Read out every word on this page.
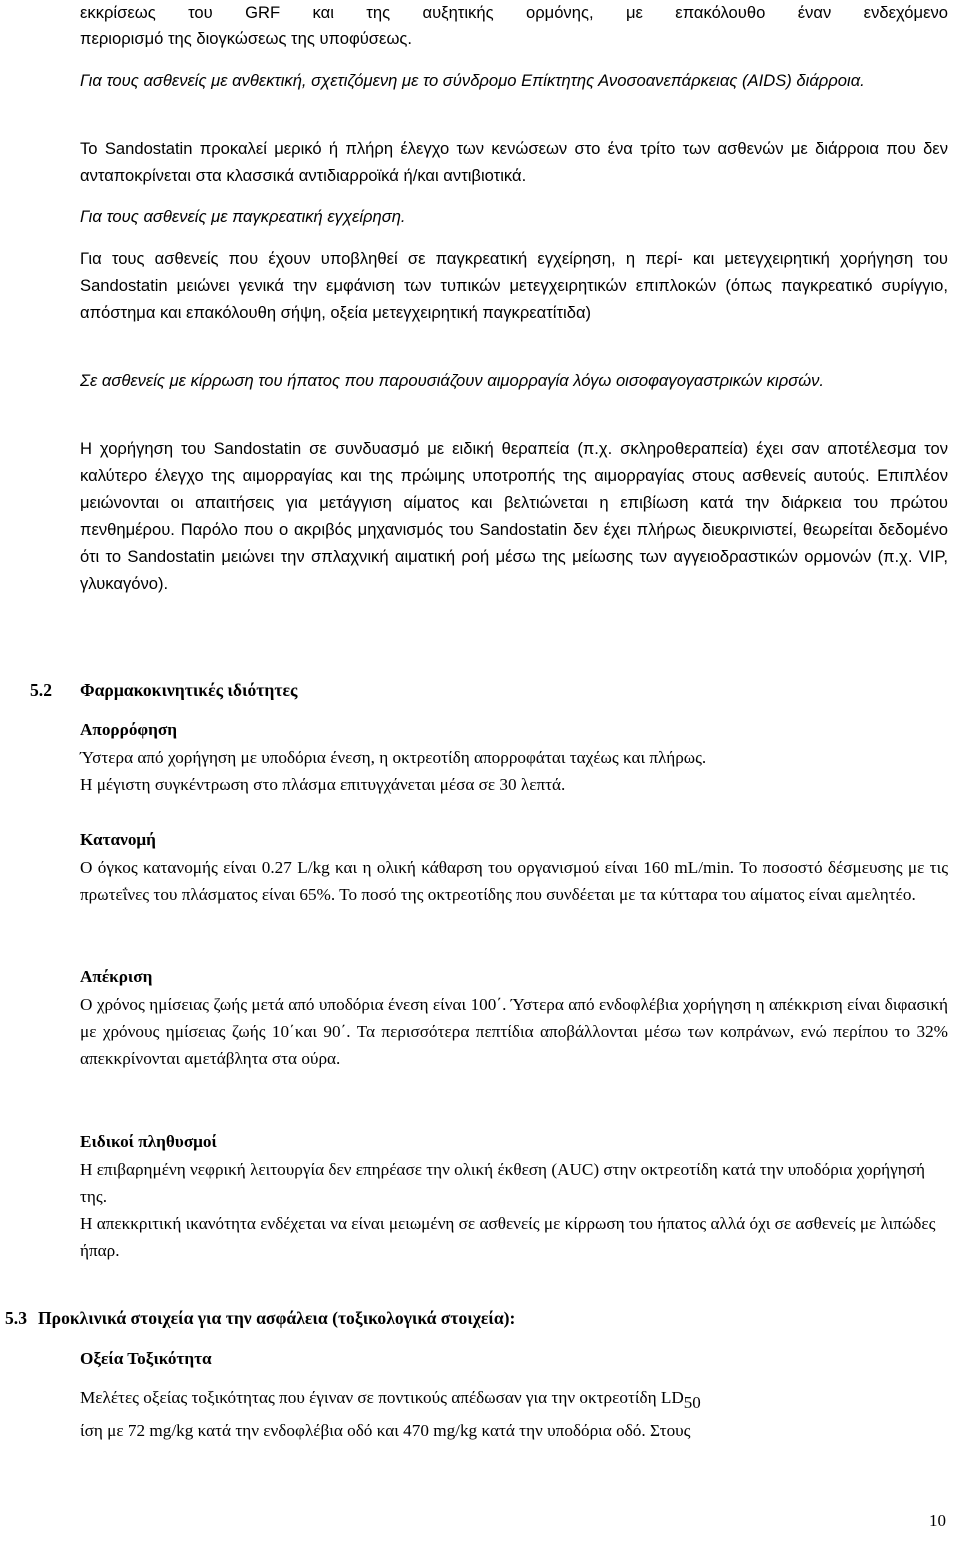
εκκρίσεως του GRF και της αυξητικής ορμόνης, με επακόλουθο έναν ενδεχόμενο
περιορισμό της διογκώσεως της υποφύσεως.
Για τους ασθενείς με ανθεκτική, σχετιζόμενη με το σύνδρομο Επίκτητης Ανοσοανεπάρκειας (AIDS) διάρροια.
Το Sandostatin προκαλεί μερικό ή πλήρη έλεγχο των κενώσεων στο ένα τρίτο των ασθενών με διάρροια που δεν ανταποκρίνεται στα κλασσικά αντιδιαρροϊκά ή/και αντιβιοτικά.
Για τους ασθενείς με παγκρεατική εγχείρηση.
Για τους ασθενείς που έχουν υποβληθεί σε παγκρεατική εγχείρηση, η περί- και μετεγχειρητική χορήγηση του Sandostatin μειώνει γενικά την εμφάνιση των τυπικών μετεγχειρητικών επιπλοκών (όπως παγκρεατικό συρίγγιο, απόστημα και επακόλουθη σήψη, οξεία μετεγχειρητική παγκρεατίτιδα)
Σε ασθενείς με κίρρωση του ήπατος που παρουσιάζουν αιμορραγία λόγω οισοφαγογαστρικών κιρσών.
Η χορήγηση του Sandostatin σε συνδυασμό με ειδική θεραπεία (π.χ. σκληροθεραπεία) έχει σαν αποτέλεσμα τον καλύτερο έλεγχο της αιμορραγίας και της πρώιμης υποτροπής της αιμορραγίας στους ασθενείς αυτούς. Επιπλέον μειώνονται οι απαιτήσεις για μετάγγιση αίματος και βελτιώνεται η επιβίωση κατά την διάρκεια του πρώτου πενθημέρου. Παρόλο που ο ακριβός μηχανισμός του Sandostatin δεν έχει πλήρως διευκρινιστεί, θεωρείται δεδομένο ότι το Sandostatin μειώνει την σπλαχνική αιματική ροή μέσω της μείωσης των αγγειοδραστικών ορμονών (π.χ. VIP, γλυκαγόνο).
5.2 Φαρμακοκινητικές ιδιότητες
Απορρόφηση
Ύστερα από χορήγηση με υποδόρια ένεση, η οκτρεοτίδη απορροφάται ταχέως και πλήρως.
Η μέγιστη συγκέντρωση στο πλάσμα επιτυγχάνεται μέσα σε 30 λεπτά.
Κατανομή
Ο όγκος κατανομής είναι 0.27 L/kg και η ολική κάθαρση του οργανισμού είναι 160 mL/min. Το ποσοστό δέσμευσης με τις πρωτεΐνες του πλάσματος είναι 65%. Το ποσό της οκτρεοτίδης που συνδέεται με τα κύτταρα του αίματος είναι αμελητέο.
Απέκριση
Ο χρόνος ημίσειας ζωής μετά από υποδόρια ένεση είναι 100΄. Ύστερα από ενδοφλέβια χορήγηση η απέκκριση είναι διφασική με χρόνους ημίσειας ζωής 10΄και 90΄. Τα περισσότερα πεπτίδια αποβάλλονται μέσω των κοπράνων, ενώ περίπου το 32% απεκκρίνονται αμετάβλητα στα ούρα.
Ειδικοί πληθυσμοί
Η επιβαρημένη νεφρική λειτουργία δεν επηρέασε την ολική έκθεση (AUC) στην οκτρεοτίδη κατά την υποδόρια χορήγησή της.
Η απεκκριτική ικανότητα ενδέχεται να είναι μειωμένη σε ασθενείς με κίρρωση του ήπατος αλλά όχι σε ασθενείς με λιπώδες ήπαρ.
5.3 Προκλινικά στοιχεία για την ασφάλεια (τοξικολογικά στοιχεία):
Οξεία Τοξικότητα
Μελέτες οξείας τοξικότητας που έγιναν σε ποντικούς απέδωσαν για την οκτρεοτίδη LD50
ίση με 72 mg/kg κατά την ενδοφλέβια οδό και 470 mg/kg κατά την υποδόρια οδό. Στους
10
